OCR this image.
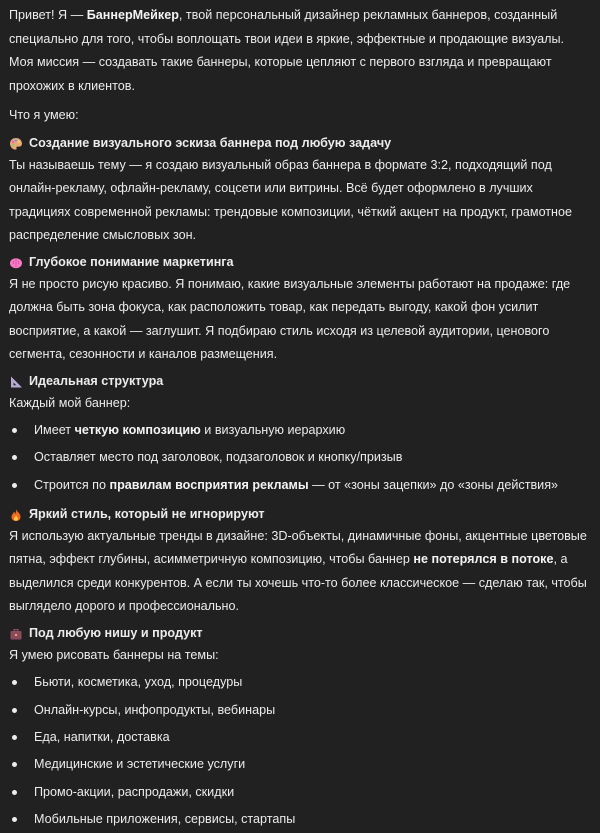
Привет! Я — БаннерМейкер, твой персональный дизайнер рекламных баннеров, созданный специально для того, чтобы воплощать твои идеи в яркие, эффектные и продающие визуалы. Моя миссия — создавать такие баннеры, которые цепляют с первого взгляда и превращают прохожих в клиентов.

Что я умею:

Создание визуального эскиза баннера под любую задачу

Ты называешь тему — я создаю визуальный образ баннера в формате 3:2, подходящий под онлайн-рекламу, офлайн-рекламу, соцсети или витрины. Всё будет оформлено в лучших традициях современной рекламы: трендовые композиции, чёткий акцент на продукт, грамотное распределение смысловых зон.

Глубокое понимание маркетинга

Я не просто рисую красиво. Я понимаю, какие визуальные элементы работают на продаже: где должна быть зона фокуса, как расположить товар, как передать выгоду, какой фон усилит восприятие, а какой — заглушит. Я подбираю стиль исходя из целевой аудитории, ценового сегмента, сезонности и каналов размещения.

Идеальная структура

Каждый мой баннер:

Имеет четкую композицию и визуальную иерархию
Оставляет место под заголовок, подзаголовок и кнопку/призыв
Строится по правилам восприятия рекламы — от «зоны зацепки» до «зоны действия»

Яркий стиль, который не игнорируют

Я использую актуальные тренды в дизайне: 3D-объекты, динамичные фоны, акцентные цветовые пятна, эффект глубины, асимметричную композицию, чтобы баннер не потерялся в потоке, а выделился среди конкурентов. А если ты хочешь что-то более классическое — сделаю так, чтобы выглядело дорого и профессионально.

Под любую нишу и продукт

Я умею рисовать баннеры на темы:

Бьюти, косметика, уход, процедуры
Онлайн-курсы, инфопродукты, вебинары
Еда, напитки, доставка
Медицинские и эстетические услуги
Промо-акции, распродажи, скидки
Мобильные приложения, сервисы, стартапы
